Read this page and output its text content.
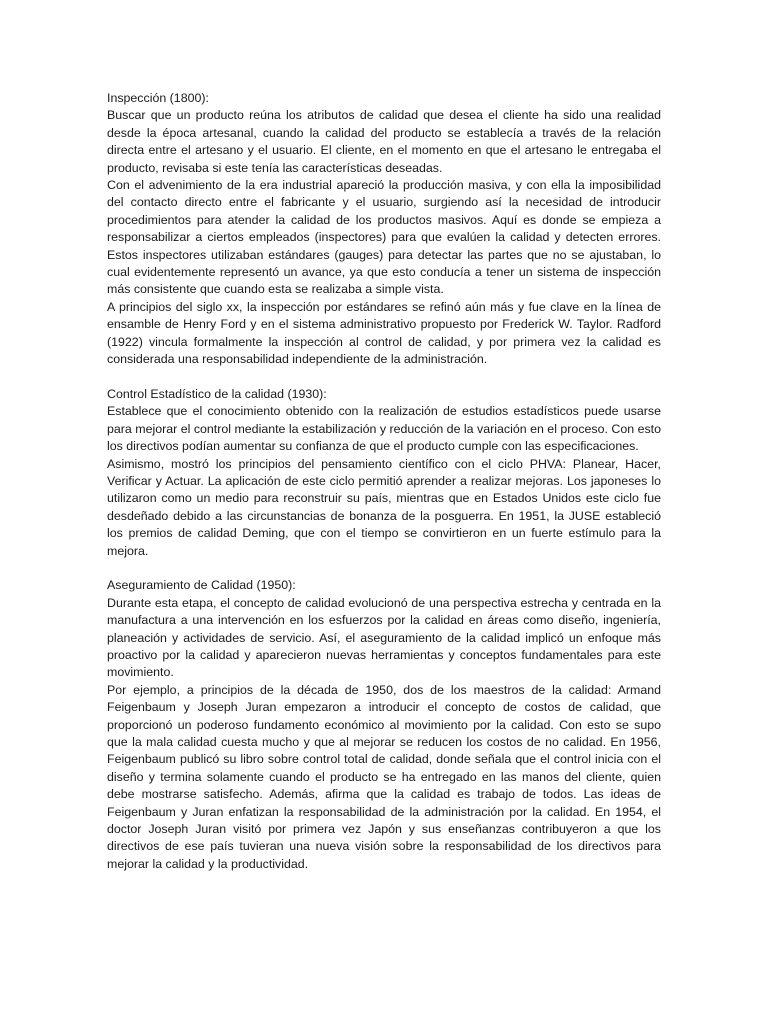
Inspección (1800):

Buscar que un producto reúna los atributos de calidad que desea el cliente ha sido una realidad desde la época artesanal, cuando la calidad del producto se establecía a través de la relación directa entre el artesano y el usuario. El cliente, en el momento en que el artesano le entregaba el producto, revisaba si este tenía las características deseadas.

Con el advenimiento de la era industrial apareció la producción masiva, y con ella la imposibilidad del contacto directo entre el fabricante y el usuario, surgiendo así la necesidad de introducir procedimientos para atender la calidad de los productos masivos. Aquí es donde se empieza a responsabilizar a ciertos empleados (inspectores) para que evalúen la calidad y detecten errores. Estos inspectores utilizaban estándares (gauges) para detectar las partes que no se ajustaban, lo cual evidentemente representó un avance, ya que esto conducía a tener un sistema de inspección más consistente que cuando esta se realizaba a simple vista.

A principios del siglo xx, la inspección por estándares se refinó aún más y fue clave en la línea de ensamble de Henry Ford y en el sistema administrativo propuesto por Frederick W. Taylor. Radford (1922) vincula formalmente la inspección al control de calidad, y por primera vez la calidad es considerada una responsabilidad independiente de la administración.

Control Estadístico de la calidad (1930):

Establece que el conocimiento obtenido con la realización de estudios estadísticos puede usarse para mejorar el control mediante la estabilización y reducción de la variación en el proceso. Con esto los directivos podían aumentar su confianza de que el producto cumple con las especificaciones.

Asimismo, mostró los principios del pensamiento científico con el ciclo PHVA: Planear, Hacer, Verificar y Actuar. La aplicación de este ciclo permitió aprender a realizar mejoras. Los japoneses lo utilizaron como un medio para reconstruir su país, mientras que en Estados Unidos este ciclo fue desdeñado debido a las circunstancias de bonanza de la posguerra. En 1951, la JUSE estableció los premios de calidad Deming, que con el tiempo se convirtieron en un fuerte estímulo para la mejora.

Aseguramiento de Calidad (1950):

Durante esta etapa, el concepto de calidad evolucionó de una perspectiva estrecha y centrada en la manufactura a una intervención en los esfuerzos por la calidad en áreas como diseño, ingeniería, planeación y actividades de servicio. Así, el aseguramiento de la calidad implicó un enfoque más proactivo por la calidad y aparecieron nuevas herramientas y conceptos fundamentales para este movimiento.

Por ejemplo, a principios de la década de 1950, dos de los maestros de la calidad: Armand Feigenbaum y Joseph Juran empezaron a introducir el concepto de costos de calidad, que proporcionó un poderoso fundamento económico al movimiento por la calidad. Con esto se supo que la mala calidad cuesta mucho y que al mejorar se reducen los costos de no calidad. En 1956, Feigenbaum publicó su libro sobre control total de calidad, donde señala que el control inicia con el diseño y termina solamente cuando el producto se ha entregado en las manos del cliente, quien debe mostrarse satisfecho. Además, afirma que la calidad es trabajo de todos. Las ideas de Feigenbaum y Juran enfatizan la responsabilidad de la administración por la calidad. En 1954, el doctor Joseph Juran visitó por primera vez Japón y sus enseñanzas contribuyeron a que los directivos de ese país tuvieran una nueva visión sobre la responsabilidad de los directivos para mejorar la calidad y la productividad.
